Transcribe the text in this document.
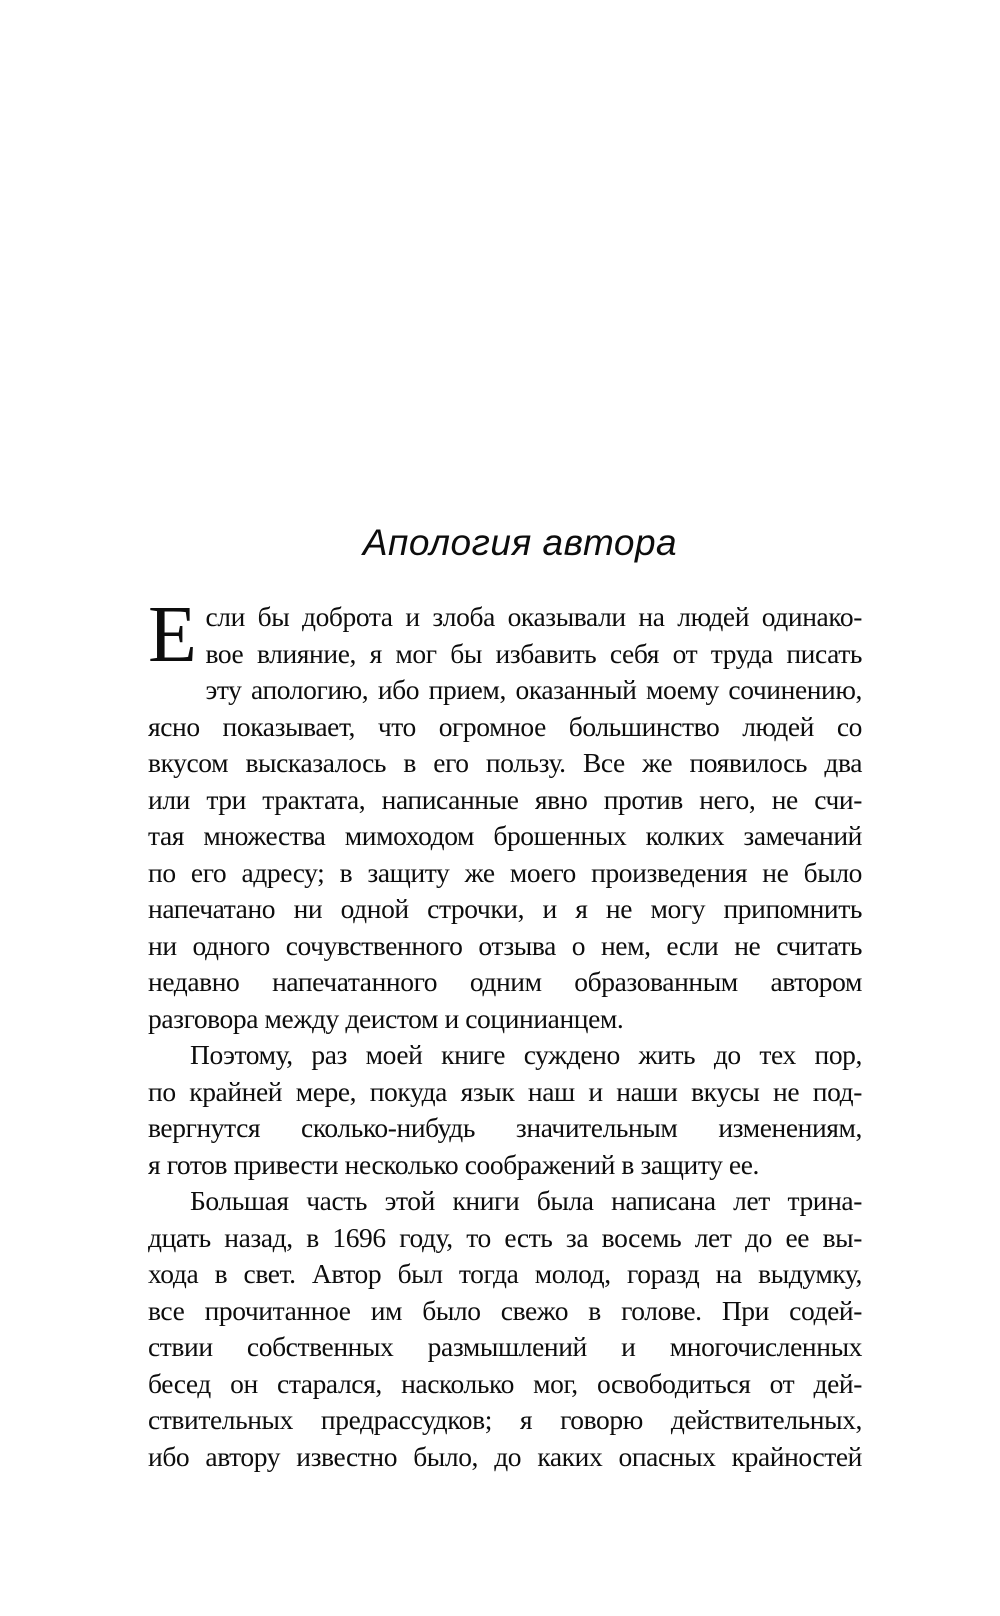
Апология автора
Е сли бы доброта и злоба оказывали на людей одинако-
вое влияние, я мог бы избавить себя от труда писать
эту апологию, ибо прием, оказанный моему сочинению,
ясно показывает, что огромное большинство людей со
вкусом высказалось в его пользу. Все же появилось два
или три трактата, написанные явно против него, не счи-
тая множества мимоходом брошенных колких замечаний
по его адресу; в защиту же моего произведения не было
напечатано ни одной строчки, и я не могу припомнить
ни одного сочувственного отзыва о нем, если не считать
недавно напечатанного одним образованным автором
разговора между деистом и социнианцем.
Поэтому, раз моей книге суждено жить до тех пор,
по крайней мере, покуда язык наш и наши вкусы не под-
вергнутся сколько-нибудь значительным изменениям,
я готов привести несколько соображений в защиту ее.
Большая часть этой книги была написана лет трина-
дцать назад, в 1696 году, то есть за восемь лет до ее вы-
хода в свет. Автор был тогда молод, горазд на выдумку,
все прочитанное им было свежо в голове. При содей-
ствии собственных размышлений и многочисленных
бесед он старался, насколько мог, освободиться от дей-
ствительных предрассудков; я говорю действительных,
ибо автору известно было, до каких опасных крайностей
